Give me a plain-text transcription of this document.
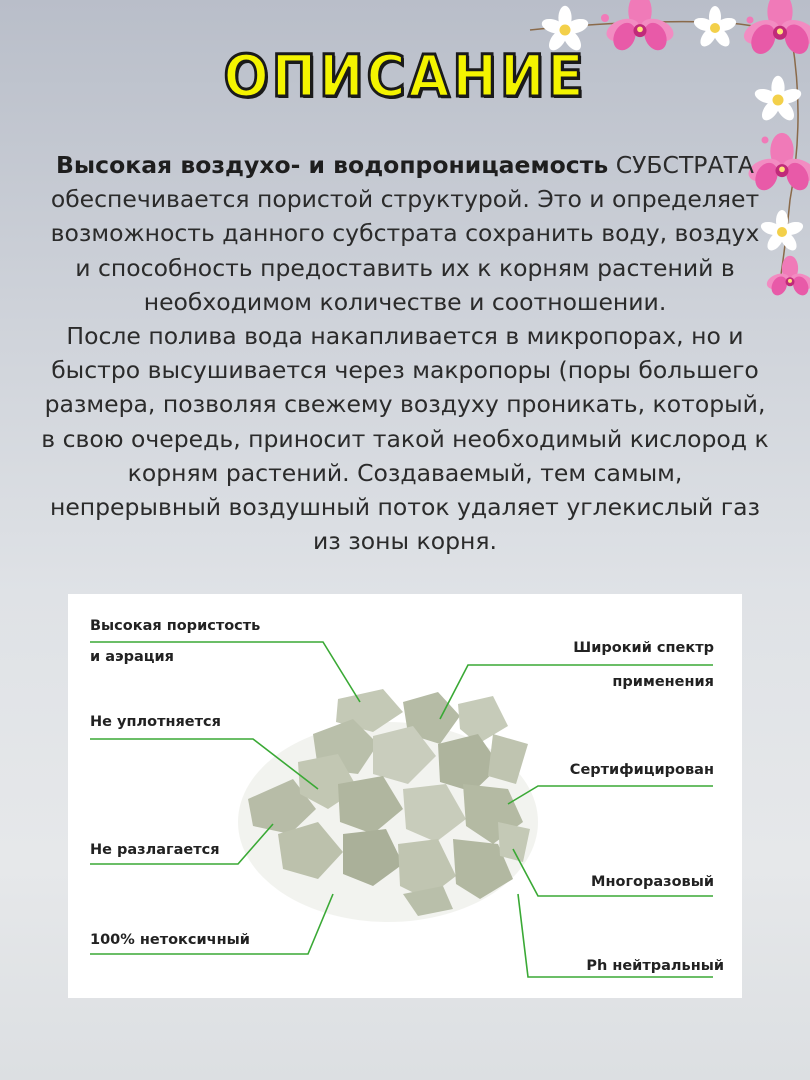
ОПИСАНИЕ
Высокая воздухо- и водопроницаемость СУБСТРАТА обеспечивается пористой структурой. Это и определяет возможность данного субстрата сохранить воду, воздух и способность предоставить их к корням растений в необходимом количестве и соотношении.
После полива вода накапливается в микропорах, но и быстро высушивается через макропоры (поры большего размера, позволяя свежему воздуху проникать, который, в свою очередь, приносит такой необходимый кислород к корням растений. Создаваемый, тем самым, непрерывный воздушный поток удаляет углекислый газ из зоны корня.
Высокая пористость
и аэрация
Не уплотняется
Не разлагается
100% нетоксичный
Широкий спектр
применения
Сертифицирован
Многоразовый
Ph нейтральный
